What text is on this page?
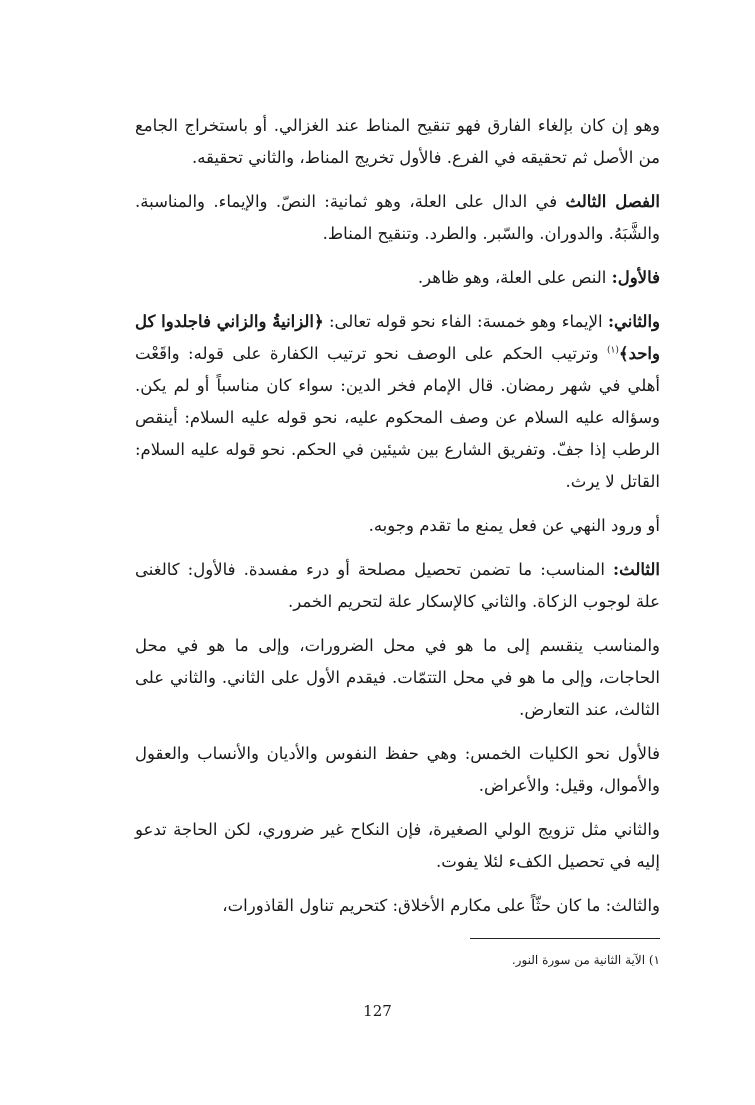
وهو إن كان بإلغاء الفارق فهو تنقيح المناط عند الغزالي. أو باستخراج الجامع من الأصل ثم تحقيقه في الفرع. فالأول تخريج المناط، والثاني تحقيقه.

الفصل الثالث في الدال على العلة، وهو ثمانية: النصّ. والإيماء. والمناسبة. والشَّبَهُ. والدوران. والسّبر. والطرد. وتنقيح المناط.

فالأول: النص على العلة، وهو ظاهر.

والثاني: الإيماء وهو خمسة: الفاء نحو قوله تعالى: ﴿الزانيةُ والزاني فاجلدوا كل واحد﴾$^{(١)}$ وترتيب الحكم على الوصف نحو ترتيب الكفارة على قوله: واقَعْت أهلي في شهر رمضان. قال الإمام فخر الدين: سواء كان مناسباً أو لم يكن. وسؤاله عليه السلام عن وصف المحكوم عليه، نحو قوله عليه السلام: أينقص الرطب إذا جفّ. وتفريق الشارع بين شيئين في الحكم. نحو قوله عليه السلام: القاتل لا يرث.

أو ورود النهي عن فعل يمنع ما تقدم وجوبه.

الثالث: المناسب: ما تضمن تحصيل مصلحة أو درء مفسدة. فالأول: كالغنى علة لوجوب الزكاة. والثاني كالإسكار علة لتحريم الخمر.

والمناسب ينقسم إلى ما هو في محل الضرورات، وإلى ما هو في محل الحاجات، وإلى ما هو في محل التتمّات. فيقدم الأول على الثاني. والثاني على الثالث، عند التعارض.

فالأول نحو الكليات الخمس: وهي حفظ النفوس والأديان والأنساب والعقول والأموال، وقيل: والأعراض.

والثاني مثل تزويج الولي الصغيرة، فإن النكاح غير ضروري، لكن الحاجة تدعو إليه في تحصيل الكفء لئلا يفوت.

والثالث: ما كان حثّاً على مكارم الأخلاق: كتحريم تناول القاذورات،

١) الآية الثانية من سورة النور.
127
